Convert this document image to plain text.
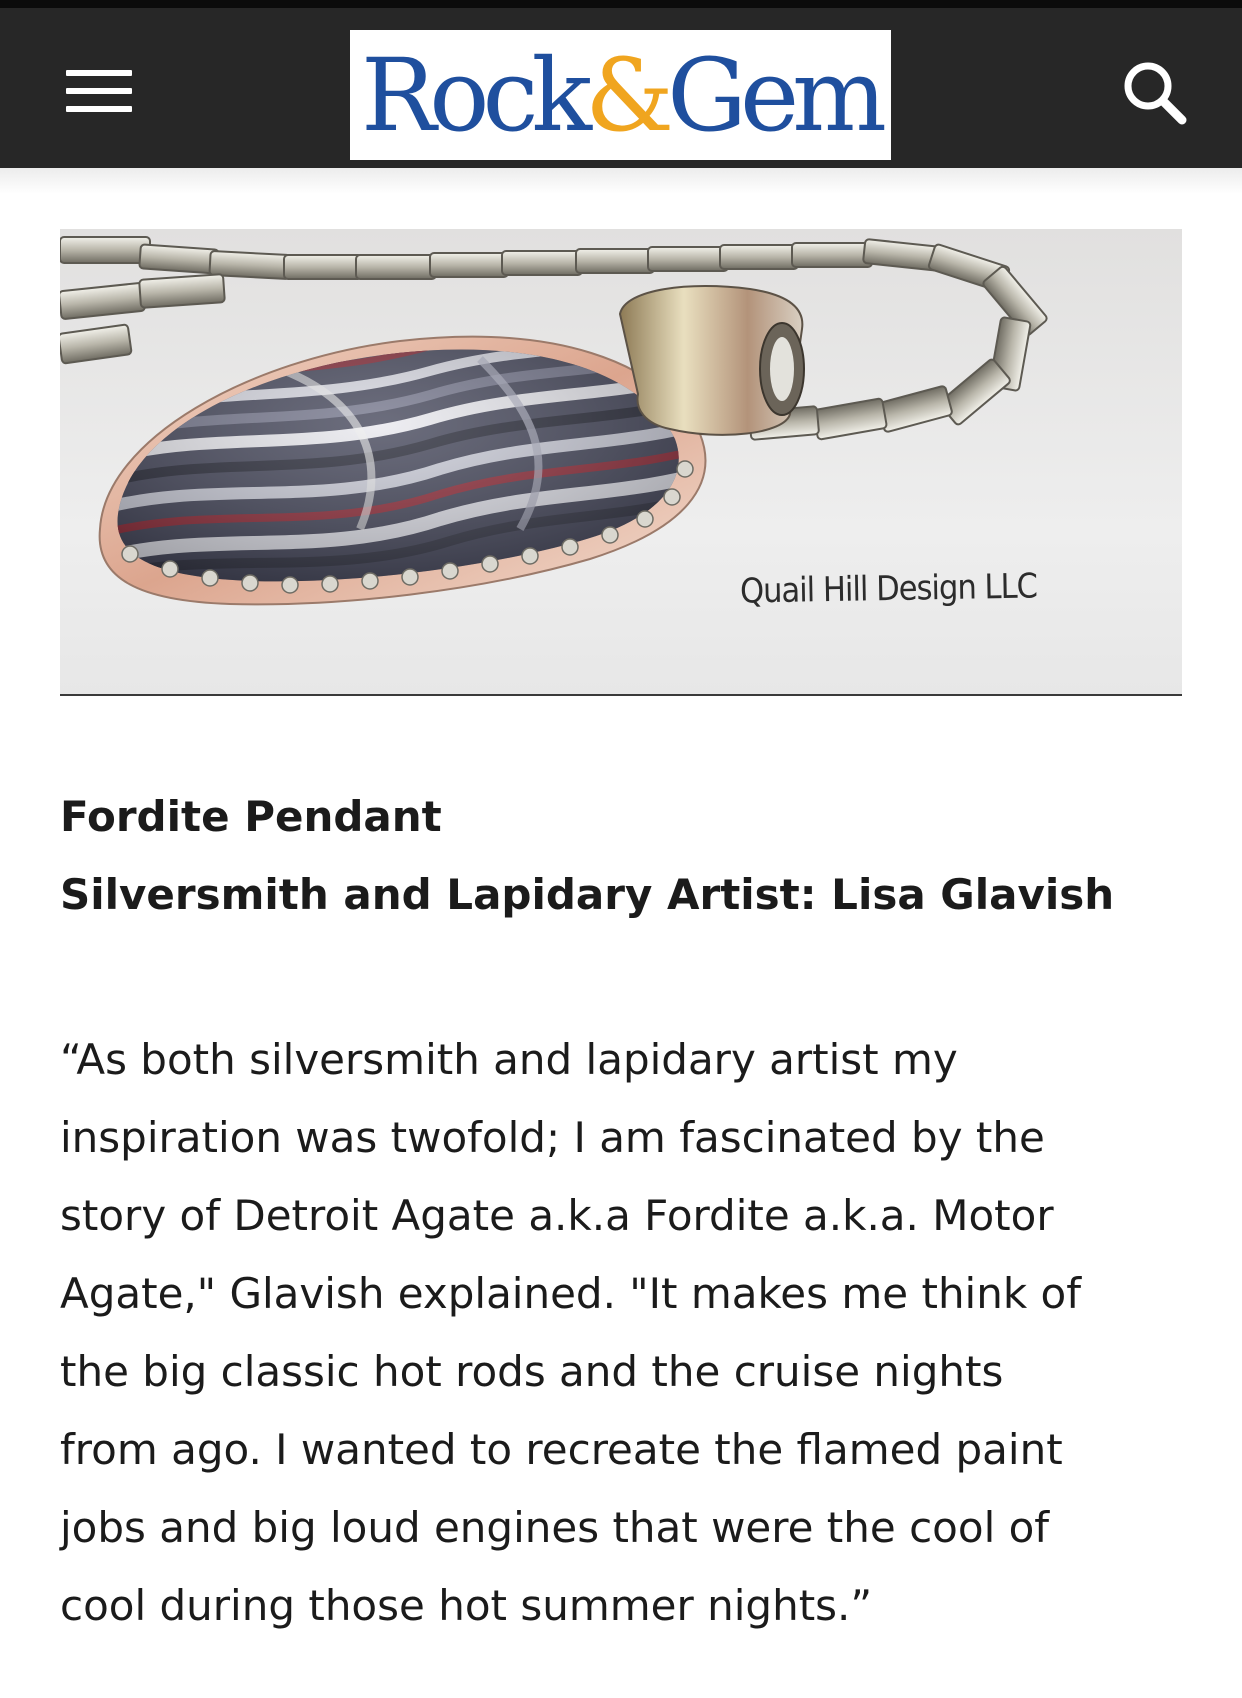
Rock&Gem
Quail Hill Design LLC
Fordite Pendant
Silversmith and Lapidary Artist: Lisa Glavish
“As both silversmith and lapidary artist my
inspiration was twofold; I am fascinated by the
story of Detroit Agate a.k.a Fordite a.k.a. Motor
Agate," Glavish explained. "It makes me think of
the big classic hot rods and the cruise nights
from ago. I wanted to recreate the flamed paint
jobs and big loud engines that were the cool of
cool during those hot summer nights.”
